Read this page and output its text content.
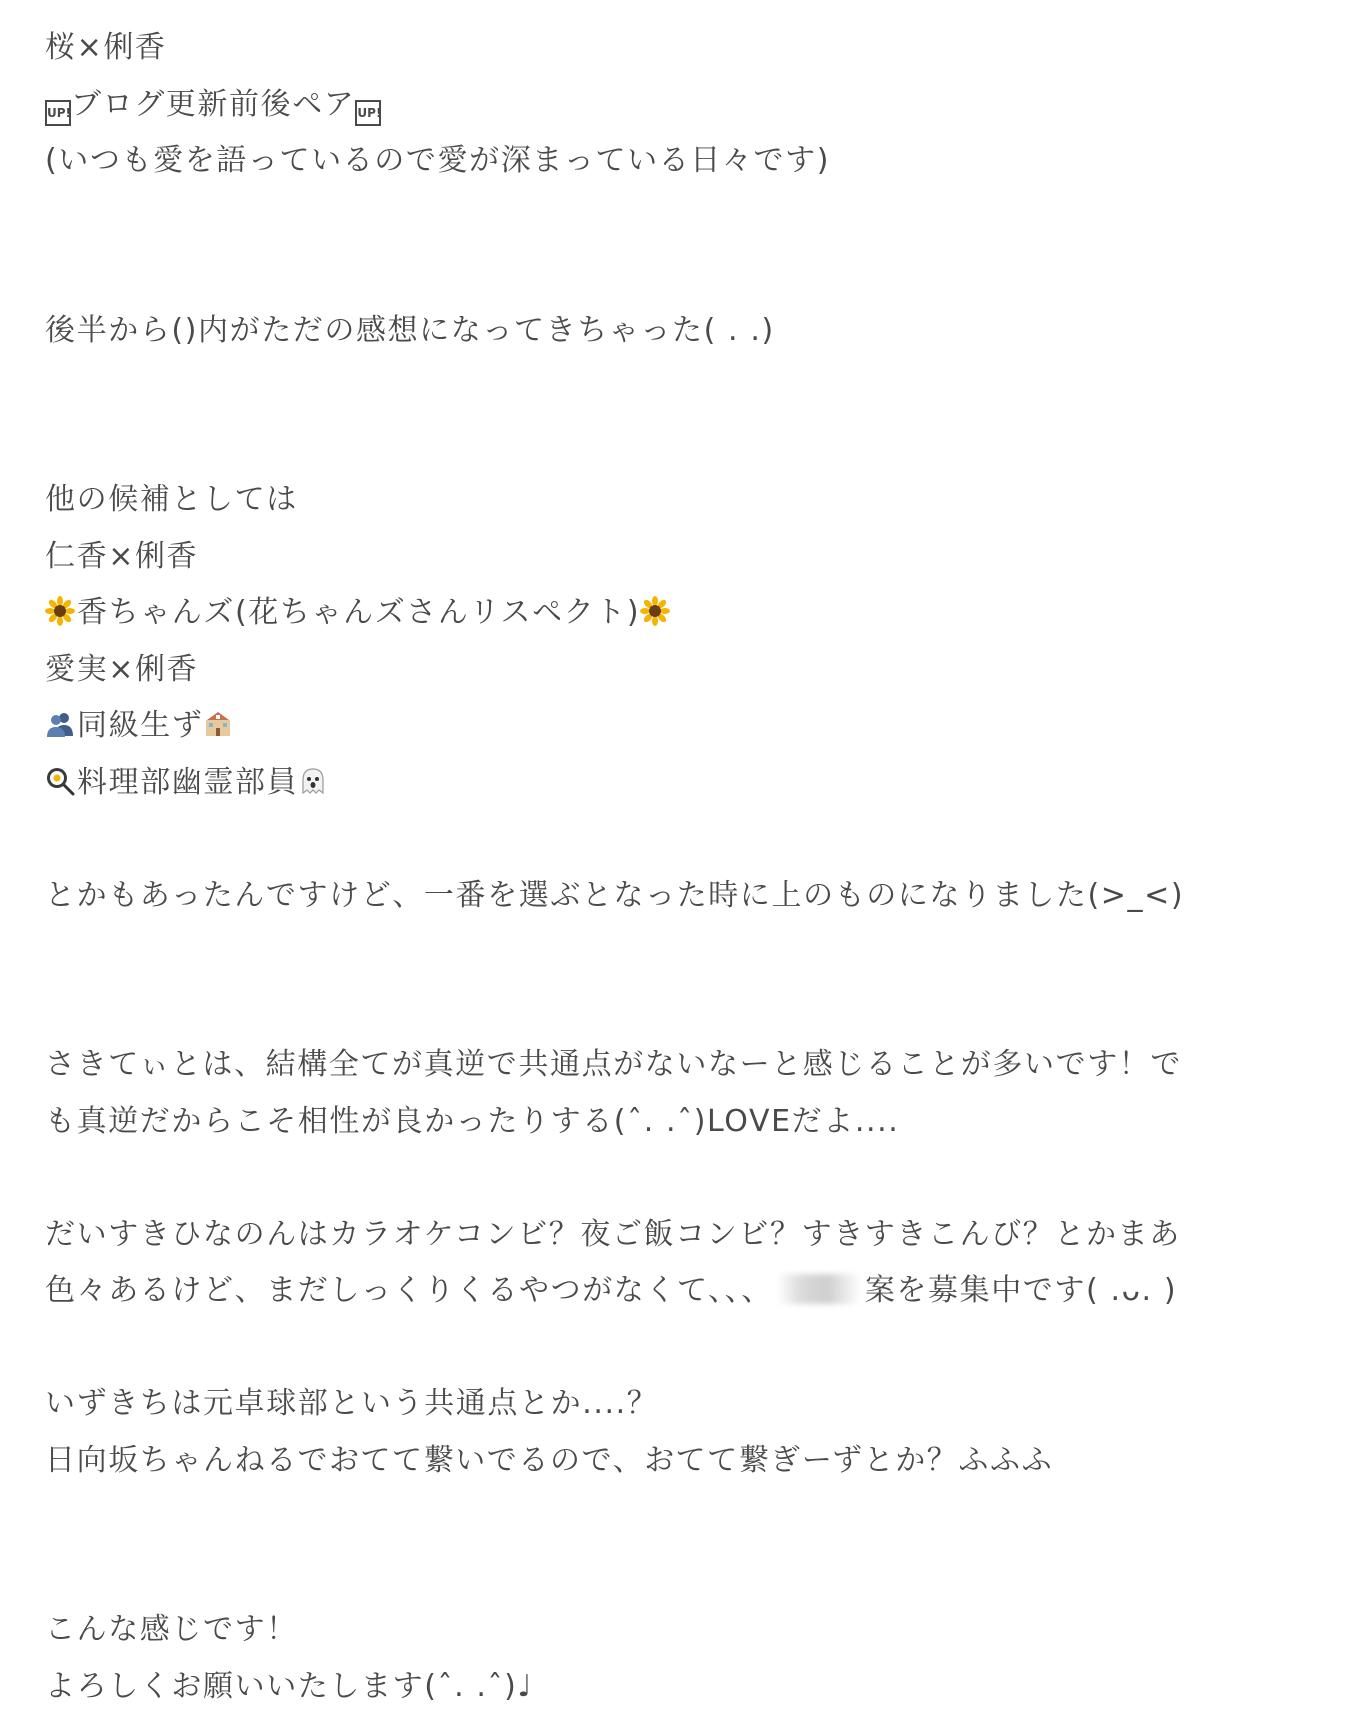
桜×俐香
UP!ブログ更新前後ペア UP!
(いつも愛を語っているので愛が深まっている日々です)
後半から()内がただの感想になってきちゃった( . .)
他の候補としては
仁香×俐香
香ちゃんズ(花ちゃんズさんリスペクト)
愛実×俐香
同級生ず
料理部幽霊部員
とかもあったんですけど、一番を選ぶとなった時に上のものになりました(>_<)
さきてぃとは、結構全てが真逆で共通点がないなーと感じることが多いです！で
も真逆だからこそ相性が良かったりする(ˆ. .ˆ)LOVEだよ....
だいすきひなのんはカラオケコンビ？夜ご飯コンビ？すきすきこんび？とかまあ
色々あるけど、まだしっくりくるやつがなくて、、、	案を募集中です( .ᴗ. )
いずきちは元卓球部という共通点とか....？
日向坂ちゃんねるでおてて繋いでるので、おてて繋ぎーずとか？ふふふ
こんな感じです！
よろしくお願いいたします(ˆ. .ˆ)♩
